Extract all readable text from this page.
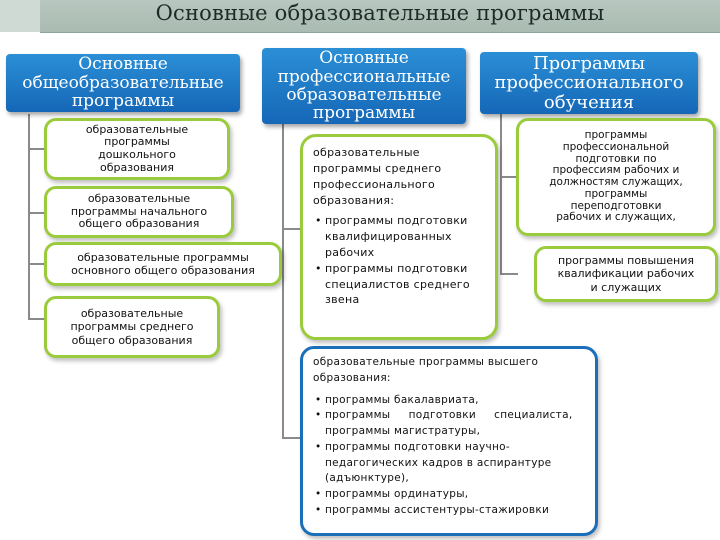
Основные образовательные программы
Основные
общеобразовательные
программы
Основные
профессиональные
образовательные
программы
Программы
профессионального
обучения
образовательные
программы
дошкольного
образования
образовательные
программы начального
общего образования
образовательные программы
основного общего образования
образовательные
программы среднего
общего образования
образовательные
программы среднего
профессионального
образования:
• программы подготовки
квалифицированных
рабочих
• программы подготовки
специалистов среднего
звена
образовательные программы высшего
образования:
• программы бакалавриата,
• программы     подготовки     специалиста,
программы магистратуры,
• программы подготовки научно-
педагогических кадров в аспирантуре
(адъюнктуре),
• программы ординатуры,
• программы ассистентуры-стажировки
программы
профессиональной
подготовки по
профессиям рабочих и
должностям служащих,
программы
переподготовки
рабочих и служащих,
программы повышения
квалификации рабочих
и служащих
